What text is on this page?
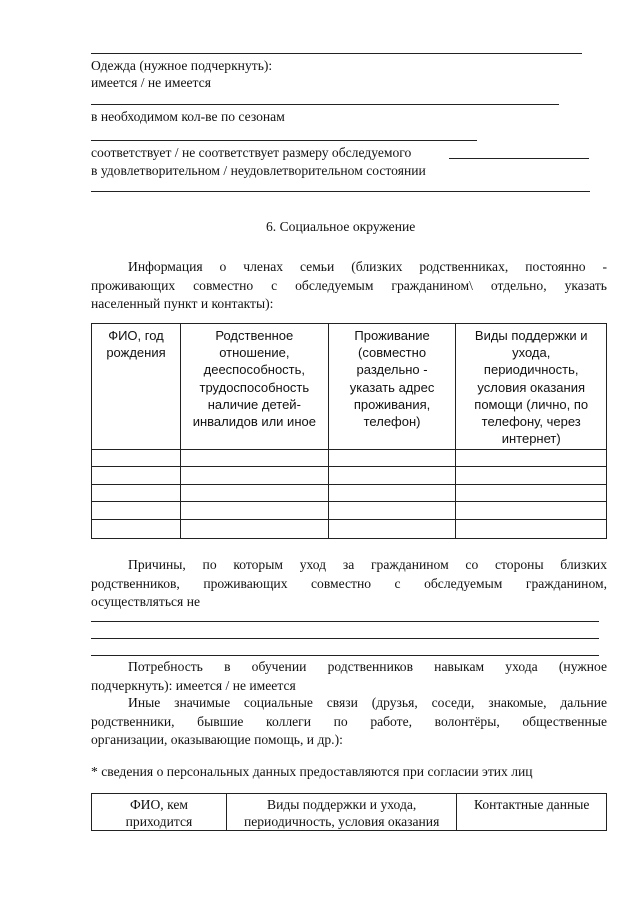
Одежда (нужное подчеркнуть):
имеется / не имеется
в необходимом кол-ве по сезонам
соответствует / не соответствует размеру обследуемого
в удовлетворительном / неудовлетворительном состоянии
6. Социальное окружение
Информация о членах семьи (близких родственниках, постоянно -
проживающих совместно с обследуемым гражданином\ отдельно, указать
населенный пункт и контакты):
ФИО, год рождения	Родственное отношение, дееспособность, трудоспособность наличие детей-инвалидов или иное	Проживание (совместно раздельно - указать адрес проживания, телефон)	Виды поддержки и ухода, периодичность, условия оказания помощи (лично, по телефону, через интернет)

Причины, по которым уход за гражданином со стороны близких
родственников, проживающих совместно с обследуемым гражданином,
осуществляться не
Потребность в обучении родственников навыкам ухода (нужное
подчеркнуть): имеется / не имеется
Иные значимые социальные связи (друзья, соседи, знакомые, дальние
родственники, бывшие коллеги по работе, волонтёры, общественные
организации, оказывающие помощь, и др.):
* сведения о персональных данных предоставляются при согласии этих лиц
ФИО, кем приходится	Виды поддержки и ухода, периодичность, условия оказания	Контактные данные
